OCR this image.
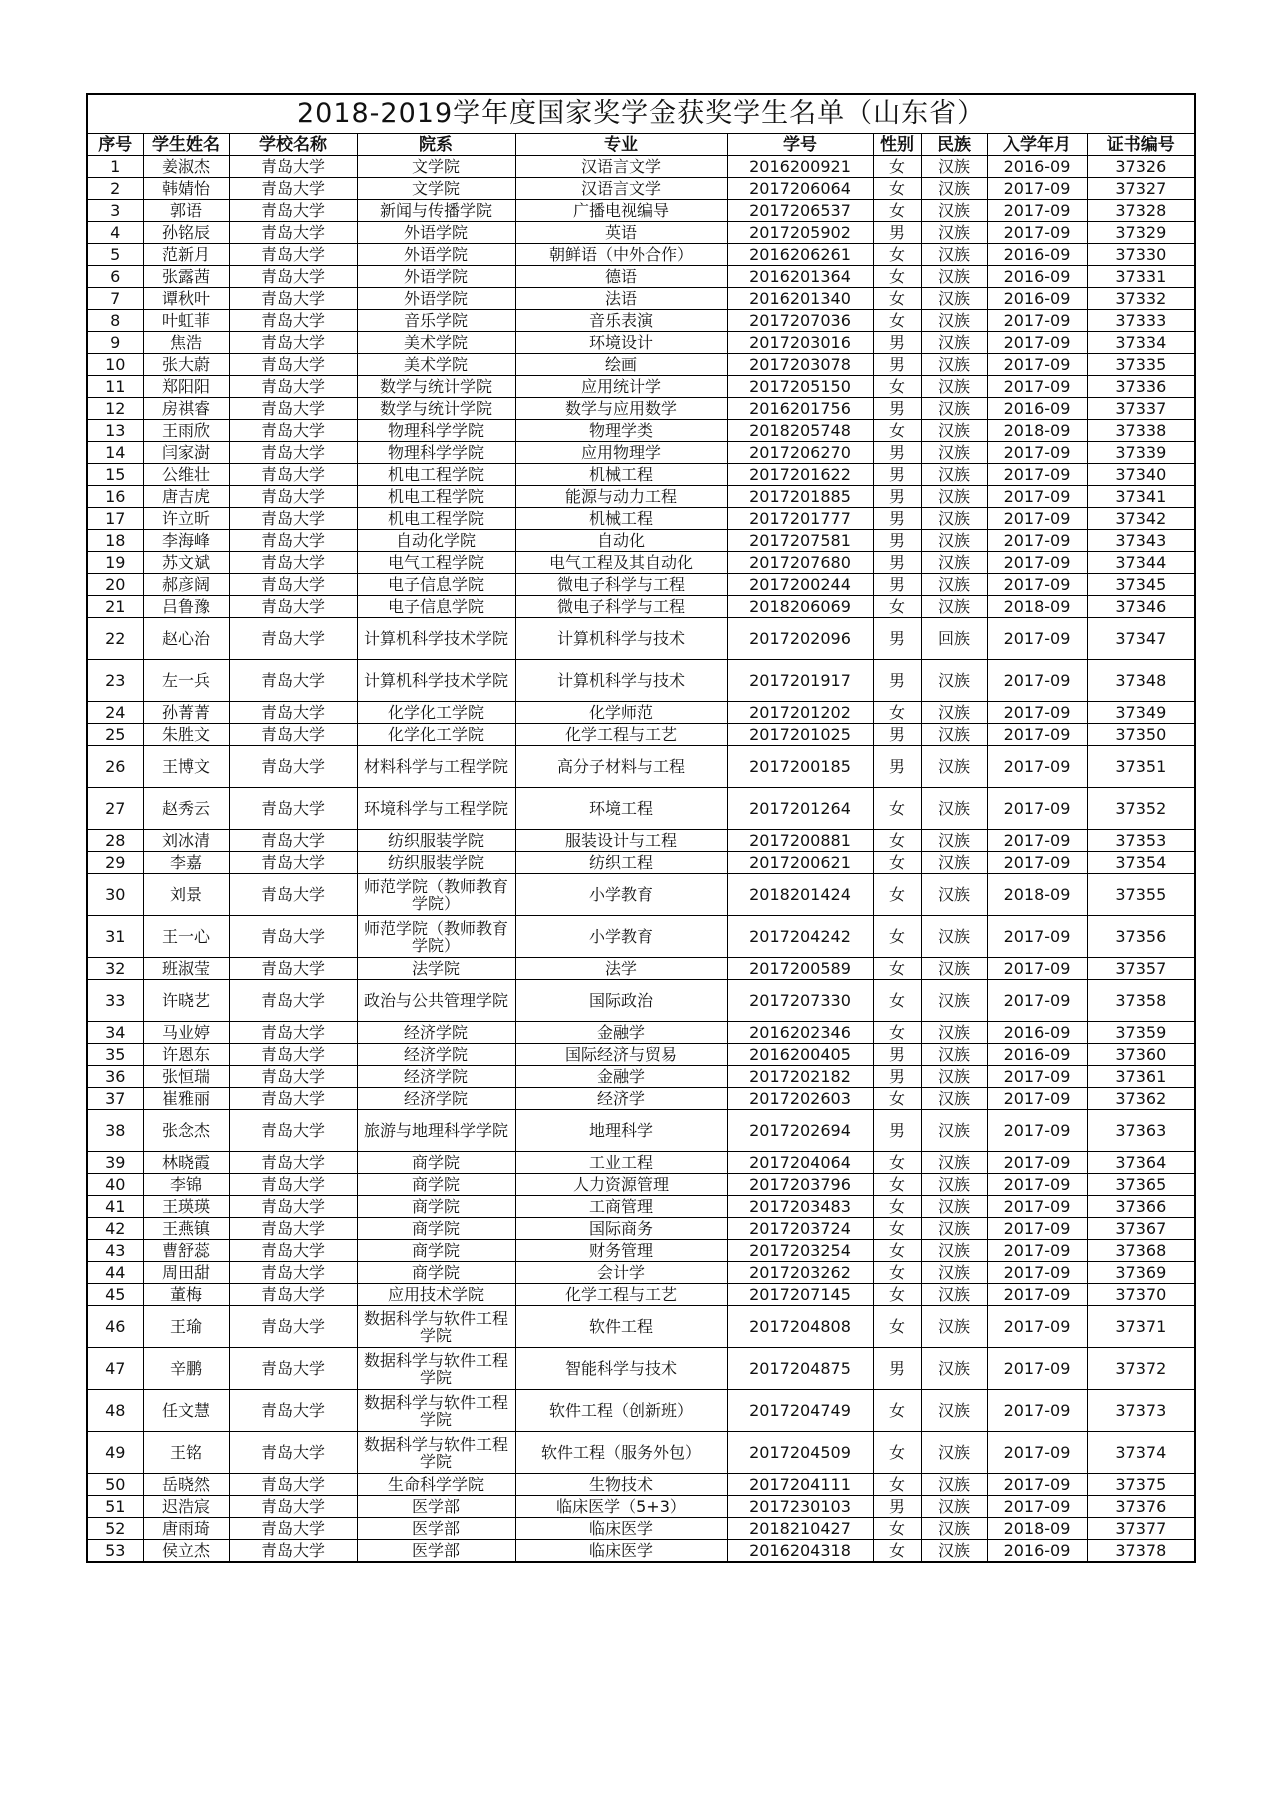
2018-2019学年度国家奖学金获奖学生名单（山东省）									
序号	学生姓名	学校名称	院系	专业	学号	性别	民族	入学年月	证书编号
1	姜淑杰	青岛大学	文学院	汉语言文学	2016200921	女	汉族	2016-09	37326
2	韩婧怡	青岛大学	文学院	汉语言文学	2017206064	女	汉族	2017-09	37327
3	郭语	青岛大学	新闻与传播学院	广播电视编导	2017206537	女	汉族	2017-09	37328
4	孙铭辰	青岛大学	外语学院	英语	2017205902	男	汉族	2017-09	37329
5	范新月	青岛大学	外语学院	朝鲜语（中外合作）	2016206261	女	汉族	2016-09	37330
6	张露茜	青岛大学	外语学院	德语	2016201364	女	汉族	2016-09	37331
7	谭秋叶	青岛大学	外语学院	法语	2016201340	女	汉族	2016-09	37332
8	叶虹菲	青岛大学	音乐学院	音乐表演	2017207036	女	汉族	2017-09	37333
9	焦浩	青岛大学	美术学院	环境设计	2017203016	男	汉族	2017-09	37334
10	张大蔚	青岛大学	美术学院	绘画	2017203078	男	汉族	2017-09	37335
11	郑阳阳	青岛大学	数学与统计学院	应用统计学	2017205150	女	汉族	2017-09	37336
12	房祺睿	青岛大学	数学与统计学院	数学与应用数学	2016201756	男	汉族	2016-09	37337
13	王雨欣	青岛大学	物理科学学院	物理学类	2018205748	女	汉族	2018-09	37338
14	闫家澍	青岛大学	物理科学学院	应用物理学	2017206270	男	汉族	2017-09	37339
15	公维壮	青岛大学	机电工程学院	机械工程	2017201622	男	汉族	2017-09	37340
16	唐吉虎	青岛大学	机电工程学院	能源与动力工程	2017201885	男	汉族	2017-09	37341
17	许立昕	青岛大学	机电工程学院	机械工程	2017201777	男	汉族	2017-09	37342
18	李海峰	青岛大学	自动化学院	自动化	2017207581	男	汉族	2017-09	37343
19	苏文斌	青岛大学	电气工程学院	电气工程及其自动化	2017207680	男	汉族	2017-09	37344
20	郝彦阔	青岛大学	电子信息学院	微电子科学与工程	2017200244	男	汉族	2017-09	37345
21	吕鲁豫	青岛大学	电子信息学院	微电子科学与工程	2018206069	女	汉族	2018-09	37346
22	赵心治	青岛大学	计算机科学技术学院	计算机科学与技术	2017202096	男	回族	2017-09	37347
23	左一兵	青岛大学	计算机科学技术学院	计算机科学与技术	2017201917	男	汉族	2017-09	37348
24	孙菁菁	青岛大学	化学化工学院	化学师范	2017201202	女	汉族	2017-09	37349
25	朱胜文	青岛大学	化学化工学院	化学工程与工艺	2017201025	男	汉族	2017-09	37350
26	王博文	青岛大学	材料科学与工程学院	高分子材料与工程	2017200185	男	汉族	2017-09	37351
27	赵秀云	青岛大学	环境科学与工程学院	环境工程	2017201264	女	汉族	2017-09	37352
28	刘冰清	青岛大学	纺织服装学院	服装设计与工程	2017200881	女	汉族	2017-09	37353
29	李嘉	青岛大学	纺织服装学院	纺织工程	2017200621	女	汉族	2017-09	37354
30	刘景	青岛大学	师范学院（教师教育学院）	小学教育	2018201424	女	汉族	2018-09	37355
31	王一心	青岛大学	师范学院（教师教育学院）	小学教育	2017204242	女	汉族	2017-09	37356
32	班淑莹	青岛大学	法学院	法学	2017200589	女	汉族	2017-09	37357
33	许晓艺	青岛大学	政治与公共管理学院	国际政治	2017207330	女	汉族	2017-09	37358
34	马业婷	青岛大学	经济学院	金融学	2016202346	女	汉族	2016-09	37359
35	许恩东	青岛大学	经济学院	国际经济与贸易	2016200405	男	汉族	2016-09	37360
36	张恒瑞	青岛大学	经济学院	金融学	2017202182	男	汉族	2017-09	37361
37	崔雅丽	青岛大学	经济学院	经济学	2017202603	女	汉族	2017-09	37362
38	张念杰	青岛大学	旅游与地理科学学院	地理科学	2017202694	男	汉族	2017-09	37363
39	林晓霞	青岛大学	商学院	工业工程	2017204064	女	汉族	2017-09	37364
40	李锦	青岛大学	商学院	人力资源管理	2017203796	女	汉族	2017-09	37365
41	王瑛瑛	青岛大学	商学院	工商管理	2017203483	女	汉族	2017-09	37366
42	王燕镇	青岛大学	商学院	国际商务	2017203724	女	汉族	2017-09	37367
43	曹舒蕊	青岛大学	商学院	财务管理	2017203254	女	汉族	2017-09	37368
44	周田甜	青岛大学	商学院	会计学	2017203262	女	汉族	2017-09	37369
45	董梅	青岛大学	应用技术学院	化学工程与工艺	2017207145	女	汉族	2017-09	37370
46	王瑜	青岛大学	数据科学与软件工程学院	软件工程	2017204808	女	汉族	2017-09	37371
47	辛鹏	青岛大学	数据科学与软件工程学院	智能科学与技术	2017204875	男	汉族	2017-09	37372
48	任文慧	青岛大学	数据科学与软件工程学院	软件工程（创新班）	2017204749	女	汉族	2017-09	37373
49	王铭	青岛大学	数据科学与软件工程学院	软件工程（服务外包）	2017204509	女	汉族	2017-09	37374
50	岳晓然	青岛大学	生命科学学院	生物技术	2017204111	女	汉族	2017-09	37375
51	迟浩宸	青岛大学	医学部	临床医学（5+3）	2017230103	男	汉族	2017-09	37376
52	唐雨琦	青岛大学	医学部	临床医学	2018210427	女	汉族	2018-09	37377
53	侯立杰	青岛大学	医学部	临床医学	2016204318	女	汉族	2016-09	37378
